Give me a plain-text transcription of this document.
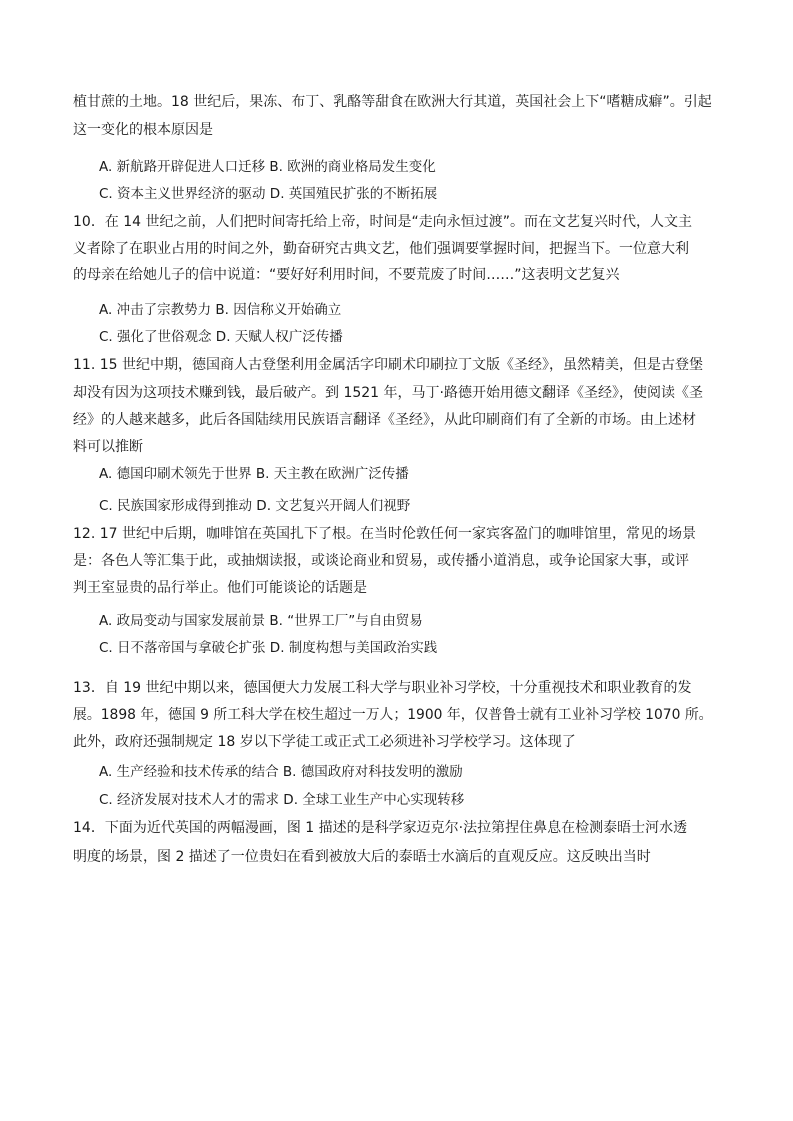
植甘蔗的土地。18 世纪后，果冻、布丁、乳酪等甜食在欧洲大行其道，英国社会上下“嗜糖成癖”。引起
这一变化的根本原因是
A. 新航路开辟促进人口迁移 B. 欧洲的商业格局发生变化
C. 资本主义世界经济的驱动 D. 英国殖民扩张的不断拓展
10．在 14 世纪之前，人们把时间寄托给上帝，时间是“走向永恒过渡”。而在文艺复兴时代，人文主
义者除了在职业占用的时间之外，勤奋研究古典文艺，他们强调要掌握时间，把握当下。一位意大利
的母亲在给她儿子的信中说道：“要好好利用时间，不要荒废了时间……”这表明文艺复兴
A. 冲击了宗教势力 B. 因信称义开始确立
C. 强化了世俗观念 D. 天赋人权广泛传播
11. 15 世纪中期，德国商人古登堡利用金属活字印刷术印刷拉丁文版《圣经》，虽然精美，但是古登堡
却没有因为这项技术赚到钱，最后破产。到 1521 年，马丁·路德开始用德文翻译《圣经》，使阅读《圣
经》的人越来越多，此后各国陆续用民族语言翻译《圣经》，从此印刷商们有了全新的市场。由上述材
料可以推断
A. 德国印刷术领先于世界 B. 天主教在欧洲广泛传播
C. 民族国家形成得到推动 D. 文艺复兴开阔人们视野
12. 17 世纪中后期，咖啡馆在英国扎下了根。在当时伦敦任何一家宾客盈门的咖啡馆里，常见的场景
是：各色人等汇集于此，或抽烟读报，或谈论商业和贸易，或传播小道消息，或争论国家大事，或评
判王室显贵的品行举止。他们可能谈论的话题是
A. 政局变动与国家发展前景 B. “世界工厂”与自由贸易
C. 日不落帝国与拿破仑扩张 D. 制度构想与美国政治实践
13．自 19 世纪中期以来，德国便大力发展工科大学与职业补习学校，十分重视技术和职业教育的发
展。1898 年，德国 9 所工科大学在校生超过一万人；1900 年，仅普鲁士就有工业补习学校 1070 所。
此外，政府还强制规定 18 岁以下学徒工或正式工必须进补习学校学习。这体现了
A. 生产经验和技术传承的结合 B. 德国政府对科技发明的激励
C. 经济发展对技术人才的需求 D. 全球工业生产中心实现转移
14．下面为近代英国的两幅漫画，图 1 描述的是科学家迈克尔·法拉第捏住鼻息在检测泰晤士河水透
明度的场景，图 2 描述了一位贵妇在看到被放大后的泰晤士水滴后的直观反应。这反映出当时
